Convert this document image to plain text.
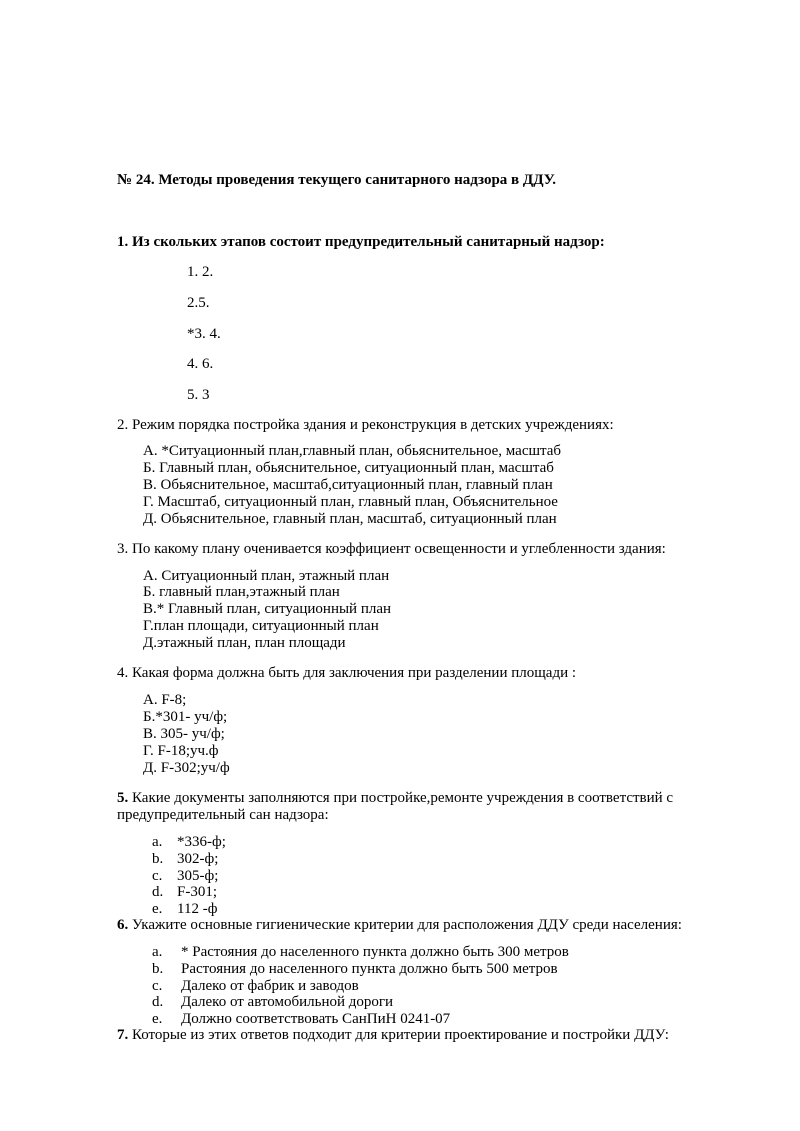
№ 24. Методы проведения текущего санитарного надзора в ДДУ.
1. Из скольких этапов состоит предупредительный санитарный надзор:
1. 2.
2.5.
*3. 4.
4. 6.
5. 3
2. Режим порядка постройка здания и реконструкция в детских учреждениях:
А. *Ситуационный план,главный план, обьяснительное, масштаб
Б. Главный план, обьяснительное, ситуационный план, масштаб
В. Обьяснительное, масштаб,ситуационный план, главный план
Г. Масштаб, ситуационный план, главный план, Объяснительное
Д. Обьяснительное, главный план, масштаб, ситуационный план
3. По какому плану оченивается коэффициент освещенности и углебленности здания:
А. Ситуационный план, этажный план
Б. главный план,этажный план
В.* Главный план, ситуационный план
Г.план площади, ситуационный план
Д.этажный план, план площади
4. Какая форма должна быть для заключения при разделении площади :
А. F-8;
Б.*301- уч/ф;
В. 305- уч/ф;
Г. F-18;уч.ф
Д. F-302;уч/ф
5. Какие документы заполняются при постройке,ремонте учреждения в соответствий с
предупредительный сан надзора:
a. *336-ф;
b. 302-ф;
c. 305-ф;
d. F-301;
e. 112 -ф
6. Укажите основные гигиенические критерии для расположения ДДУ среди населения:
a. * Растояния до населенного пункта должно быть 300 метров
b. Растояния до населенного пункта должно быть 500 метров
c. Далеко от фабрик и заводов
d. Далеко от автомобильной дороги
e. Должно соответствовать СанПиН 0241-07
7. Которые из этих ответов подходит для критерии проектирование и постройки ДДУ:
